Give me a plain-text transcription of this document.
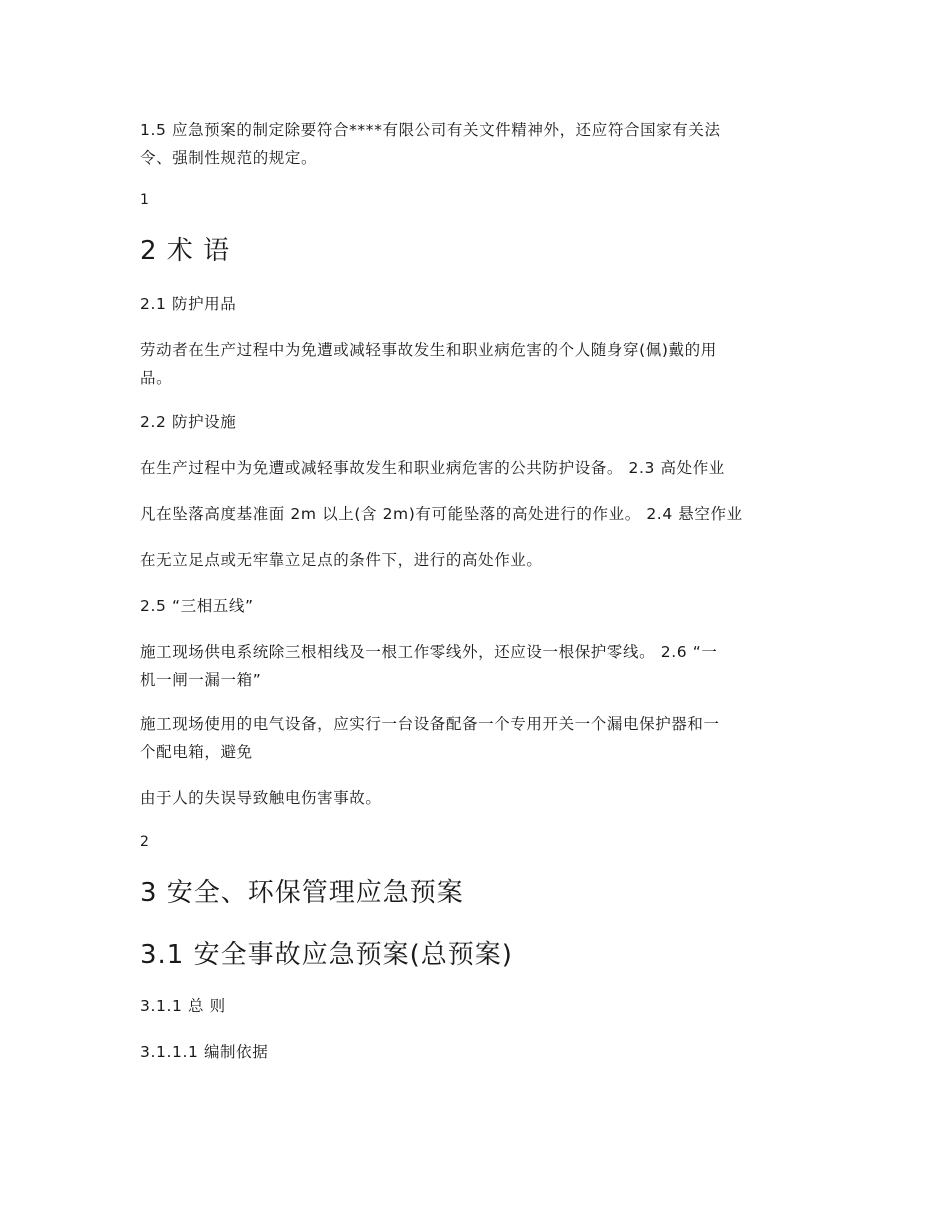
1.5 应急预案的制定除要符合****有限公司有关文件精神外，还应符合国家有关法
令、强制性规范的规定。
1
2 术 语
2.1 防护用品
劳动者在生产过程中为免遭或减轻事故发生和职业病危害的个人随身穿(佩)戴的用
品。
2.2 防护设施
在生产过程中为免遭或减轻事故发生和职业病危害的公共防护设备。 2.3 高处作业
凡在坠落高度基准面 2m 以上(含 2m)有可能坠落的高处进行的作业。 2.4 悬空作业
在无立足点或无牢靠立足点的条件下，进行的高处作业。
2.5 “三相五线”
施工现场供电系统除三根相线及一根工作零线外，还应设一根保护零线。 2.6 “一
机一闸一漏一箱”
施工现场使用的电气设备，应实行一台设备配备一个专用开关一个漏电保护器和一
个配电箱，避免
由于人的失误导致触电伤害事故。
2
3 安全、环保管理应急预案
3.1 安全事故应急预案(总预案)
3.1.1 总 则
3.1.1.1 编制依据
